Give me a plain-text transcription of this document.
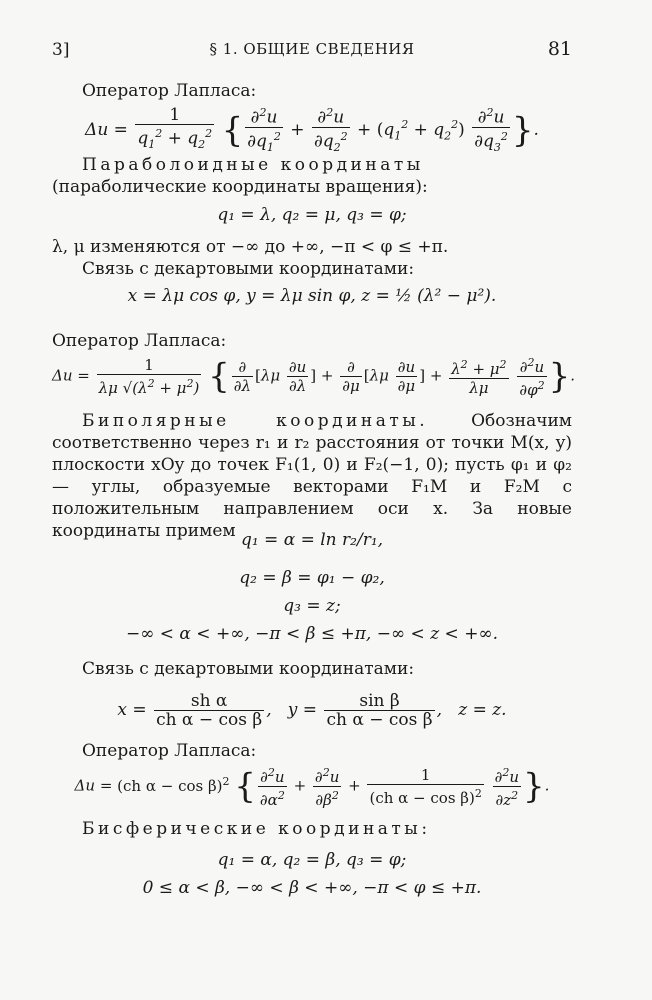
3]	§ 1. ОБЩИЕ СВЕДЕНИЯ	81
Оператор Лапласа:
$\Delta u = \frac{1}{q_1^2 + q_2^2}$ { $\frac{\partial^2u}{\partial q_1^2} + \frac{\partial^2u}{\partial q_2^2} + (q_1^2 + q_2^2) \frac{\partial^2u}{\partial q_3^2}$ }.
Параболоидные координаты (параболические координаты вращения):
q₁ = λ, q₂ = μ, q₃ = φ;
λ, μ изменяются от −∞ до +∞, −π < φ ≤ +π.
Связь с декартовыми координатами:
x = λμ cos φ, y = λμ sin φ, z = ½ (λ² − μ²).
Оператор Лапласа:
$\Delta u = \frac{1}{\lambda\mu √(\lambda^2 + \mu^2)}$ { $\frac{\partial}{\partial\lambda} [\lambda\mu \frac{\partial u}{\partial\lambda}$ ] + $\frac{\partial}{\partial\mu} [\lambda\mu \frac{\partial u}{\partial\mu}$ ] + $\frac{\lambda^2 + \mu^2}{\lambda\mu}$
$\frac{\partial^2u}{\partial\varphi^2}$ }.
Биполярные координаты.	Обозначим соответственно через r₁ и r₂ расстояния от точки M(x, y) плоскости xOy до точек F₁(1, 0) и F₂(−1, 0); пусть φ₁ и φ₂ — углы, образуемые векторами F₁M и F₂M с положительным направлением оси x. За новые координаты примем q₁ = α = ln r₂/r₁,
q₂ = β = φ₁ − φ₂,
q₃ = z;
−∞ < α < +∞, −π < β ≤ +π, −∞ < z < +∞.
Связь с декартовыми координатами:
$x = \frac{\text{sh α}}{\text{ch α − cos β}}$ ,   $y = \frac{\text{sin β}}{\text{ch α − cos β}}$ ,   z = z.
Оператор Лапласа:
Δu = (ch α − cos β)$^2$ { $\frac{\partial^2u}{\partial\alpha^2} + \frac{\partial^2u}{\partial\beta^2} + \frac{1}{(ch \alpha - \cos \beta)^2}$
$\frac{\partial^2u}{\partial z^2}$ }.
Бисферические координаты:
q₁ = α, q₂ = β, q₃ = φ;
0 ≤ α < β, −∞ < β < +∞, −π < φ ≤ +π.
